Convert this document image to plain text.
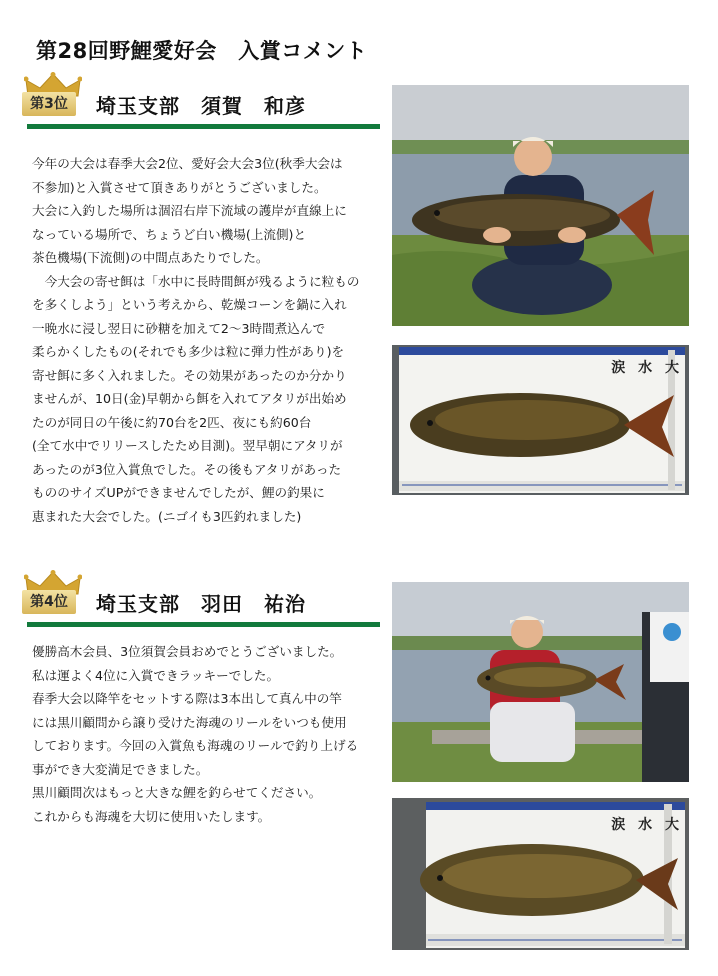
第28回野鯉愛好会　入賞コメント
第3位	埼玉支部　須賀　和彦
今年の大会は春季大会2位、愛好会大会3位(秋季大会は
不参加)と入賞させて頂きありがとうございました。
大会に入釣した場所は涸沼右岸下流域の護岸が直線上に
なっている場所で、ちょうど白い機場(上流側)と
茶色機場(下流側)の中間点あたりでした。
　今大会の寄せ餌は「水中に長時間餌が残るように粒もの
を多くしよう」という考えから、乾燥コーンを鍋に入れ
一晩水に浸し翌日に砂糖を加えて2〜3時間煮込んで
柔らかくしたもの(それでも多少は粒に弾力性があり)を
寄せ餌に多く入れました。その効果があったのか分かり
ませんが、10日(金)早朝から餌を入れてアタリが出始め
たのが同日の午後に約70台を2匹、夜にも約60台
(全て水中でリリースしたため目測)。翌早朝にアタリが
あったのが3位入賞魚でした。その後もアタリがあった
もののサイズUPができませんでしたが、鯉の釣果に
恵まれた大会でした。(ニゴイも3匹釣れました)
涙 水 大
第4位	埼玉支部　羽田　祐治
優勝高木会員、3位須賀会員おめでとうございました。
私は運よく4位に入賞できラッキーでした。
春季大会以降竿をセットする際は3本出して真ん中の竿
には黒川顧問から譲り受けた海魂のリールをいつも使用
しております。今回の入賞魚も海魂のリールで釣り上げる
事ができ大変満足できました。
黒川顧問次はもっと大きな鯉を釣らせてください。
これからも海魂を大切に使用いたします。
涙 水 大
